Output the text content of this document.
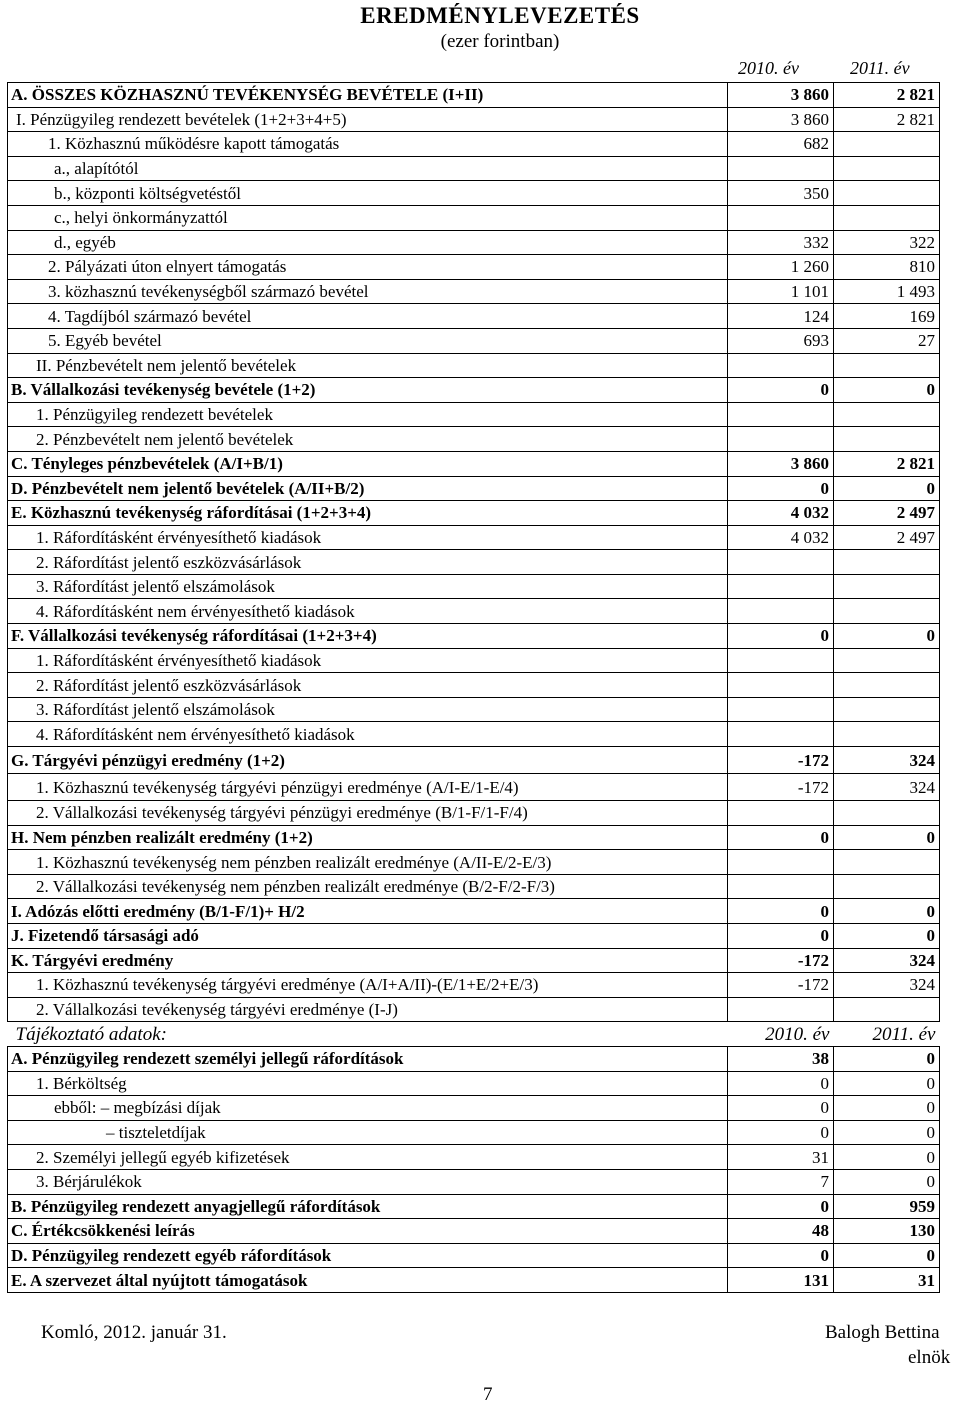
EREDMÉNYLEVEZETÉS
(ezer forintban)
2010. év	2011. év
A. ÖSSZES KÖZHASZNÚ TEVÉKENYSÉG BEVÉTELE (I+II)	3 860	2 821
I. Pénzügyileg rendezett bevételek (1+2+3+4+5)	3 860	2 821
1. Közhasznú működésre kapott támogatás	682	
a., alapítótól		
b., központi költségvetéstől	350	
c., helyi önkormányzattól		
d., egyéb	332	322
2. Pályázati úton elnyert támogatás	1 260	810
3. közhasznú tevékenységből származó bevétel	1 101	1 493
4. Tagdíjból származó bevétel	124	169
5. Egyéb bevétel	693	27
II. Pénzbevételt nem jelentő bevételek		
B. Vállalkozási tevékenység bevétele (1+2)	0	0
1. Pénzügyileg rendezett bevételek		
2. Pénzbevételt nem jelentő bevételek		
C. Tényleges pénzbevételek (A/I+B/1)	3 860	2 821
D. Pénzbevételt nem jelentő bevételek (A/II+B/2)	0	0
E. Közhasznú tevékenység ráfordításai (1+2+3+4)	4 032	2 497
1. Ráfordításként érvényesíthető kiadások	4 032	2 497
2. Ráfordítást jelentő eszközvásárlások		
3. Ráfordítást jelentő elszámolások		
4. Ráfordításként nem érvényesíthető kiadások		
F. Vállalkozási tevékenység ráfordításai (1+2+3+4)	0	0
1. Ráfordításként érvényesíthető kiadások		
2. Ráfordítást jelentő eszközvásárlások		
3. Ráfordítást jelentő elszámolások		
4. Ráfordításként nem érvényesíthető kiadások		
G. Tárgyévi pénzügyi eredmény (1+2)	-172	324
1. Közhasznú tevékenység tárgyévi pénzügyi eredménye (A/I-E/1-E/4)	-172	324
2. Vállalkozási tevékenység tárgyévi pénzügyi eredménye (B/1-F/1-F/4)		
H. Nem pénzben realizált eredmény (1+2)	0	0
1. Közhasznú tevékenység nem pénzben realizált eredménye (A/II-E/2-E/3)		
2. Vállalkozási tevékenység nem pénzben realizált eredménye (B/2-F/2-F/3)		
I. Adózás előtti eredmény (B/1-F/1)+ H/2	0	0
J. Fizetendő társasági adó	0	0
K. Tárgyévi eredmény	-172	324
1. Közhasznú tevékenység tárgyévi eredménye (A/I+A/II)-(E/1+E/2+E/3)	-172	324
2. Vállalkozási tevékenység tárgyévi eredménye (I-J)		
Tájékoztató adatok:	2010. év	2011. év
A. Pénzügyileg rendezett személyi jellegű ráfordítások	38	0
1. Bérköltség	0	0
ebből: – megbízási díjak	0	0
– tiszteletdíjak	0	0
2. Személyi jellegű egyéb kifizetések	31	0
3. Bérjárulékok	7	0
B. Pénzügyileg rendezett anyagjellegű ráfordítások	0	959
C. Értékcsökkenési leírás	48	130
D. Pénzügyileg rendezett egyéb ráfordítások	0	0
E. A szervezet által nyújtott támogatások	131	31
Komló, 2012. január 31.	Balogh Bettina
elnök
7
